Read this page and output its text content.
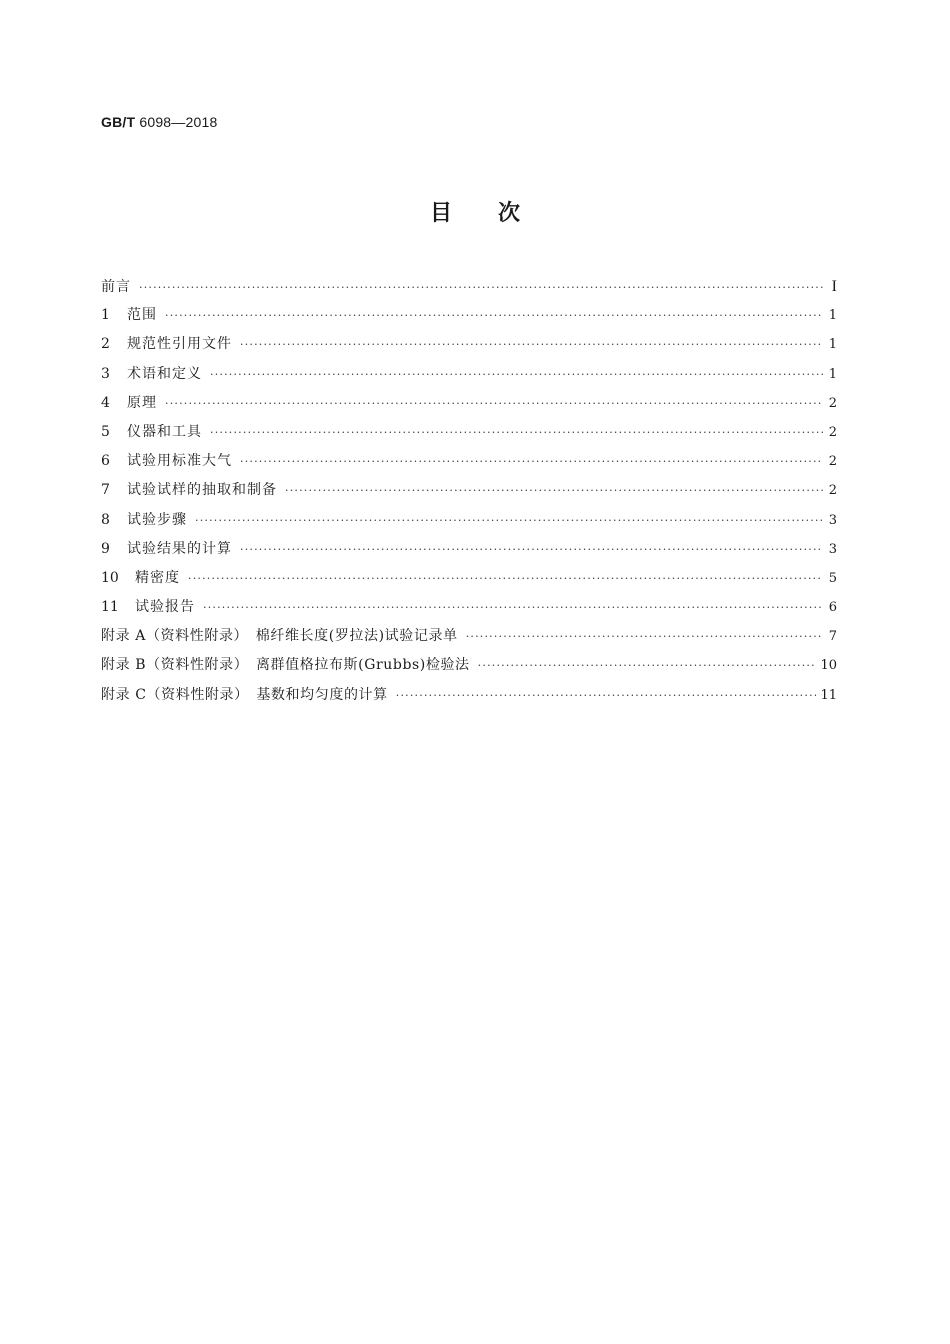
GB/T 6098—2018
目 次
前言 ·····	I
1	范围 ·····	1
2	规范性引用文件 ·····	1
3	术语和定义 ·····	1
4	原理 ·····	2
5	仪器和工具 ·····	2
6	试验用标准大气 ·····	2
7	试验试样的抽取和制备 ·····	2
8	试验步骤 ·····	3
9	试验结果的计算 ·····	3
10	精密度 ·····	5
11	试验报告 ·····	6
附录 A（资料性附录）　棉纤维长度(罗拉法)试验记录单 ·····	7
附录 B（资料性附录）　离群值格拉布斯(Grubbs)检验法 ·····	10
附录 C（资料性附录）　基数和均匀度的计算 ·····	11
